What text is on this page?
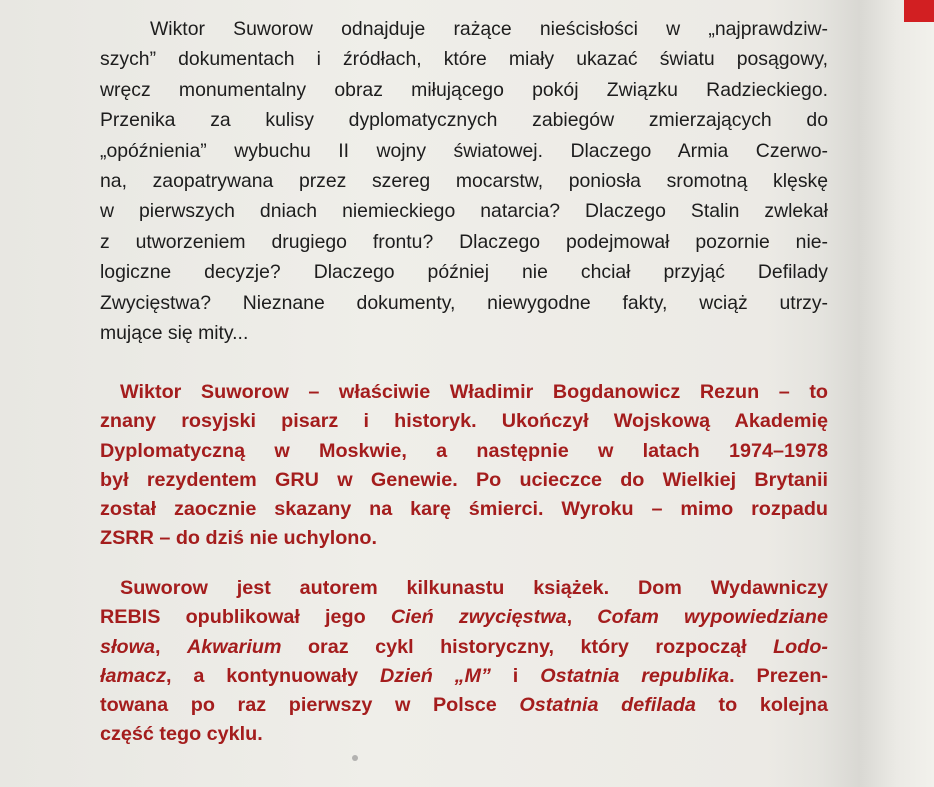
Wiktor Suworow odnajduje rażące nieścisłości w „najprawdziw-
szych” dokumentach i źródłach, które miały ukazać światu posągowy,
wręcz monumentalny obraz miłującego pokój Związku Radzieckiego.
Przenika za kulisy dyplomatycznych zabiegów zmierzających do
„opóźnienia” wybuchu II wojny światowej. Dlaczego Armia Czerwo-
na, zaopatrywana przez szereg mocarstw, poniosła sromotną klęskę
w pierwszych dniach niemieckiego natarcia? Dlaczego Stalin zwlekał
z utworzeniem drugiego frontu? Dlaczego podejmował pozornie nie-
logiczne decyzje? Dlaczego później nie chciał przyjąć Defilady
Zwycięstwa? Nieznane dokumenty, niewygodne fakty, wciąż utrzy-
mujące się mity...
Wiktor Suworow – właściwie Władimir Bogdanowicz Rezun – to
znany rosyjski pisarz i historyk. Ukończył Wojskową Akademię
Dyplomatyczną w Moskwie, a następnie w latach 1974–1978
był rezydentem GRU w Genewie. Po ucieczce do Wielkiej Brytanii
został zaocznie skazany na karę śmierci. Wyroku – mimo rozpadu
ZSRR – do dziś nie uchylono.
Suworow jest autorem kilkunastu książek. Dom Wydawniczy
REBIS opublikował jego Cień zwycięstwa, Cofam wypowiedziane
słowa, Akwarium oraz cykl historyczny, który rozpoczął Lodo-
łamacz, a kontynuowały Dzień „M” i Ostatnia republika. Prezen-
towana po raz pierwszy w Polsce Ostatnia defilada to kolejna
część tego cyklu.
